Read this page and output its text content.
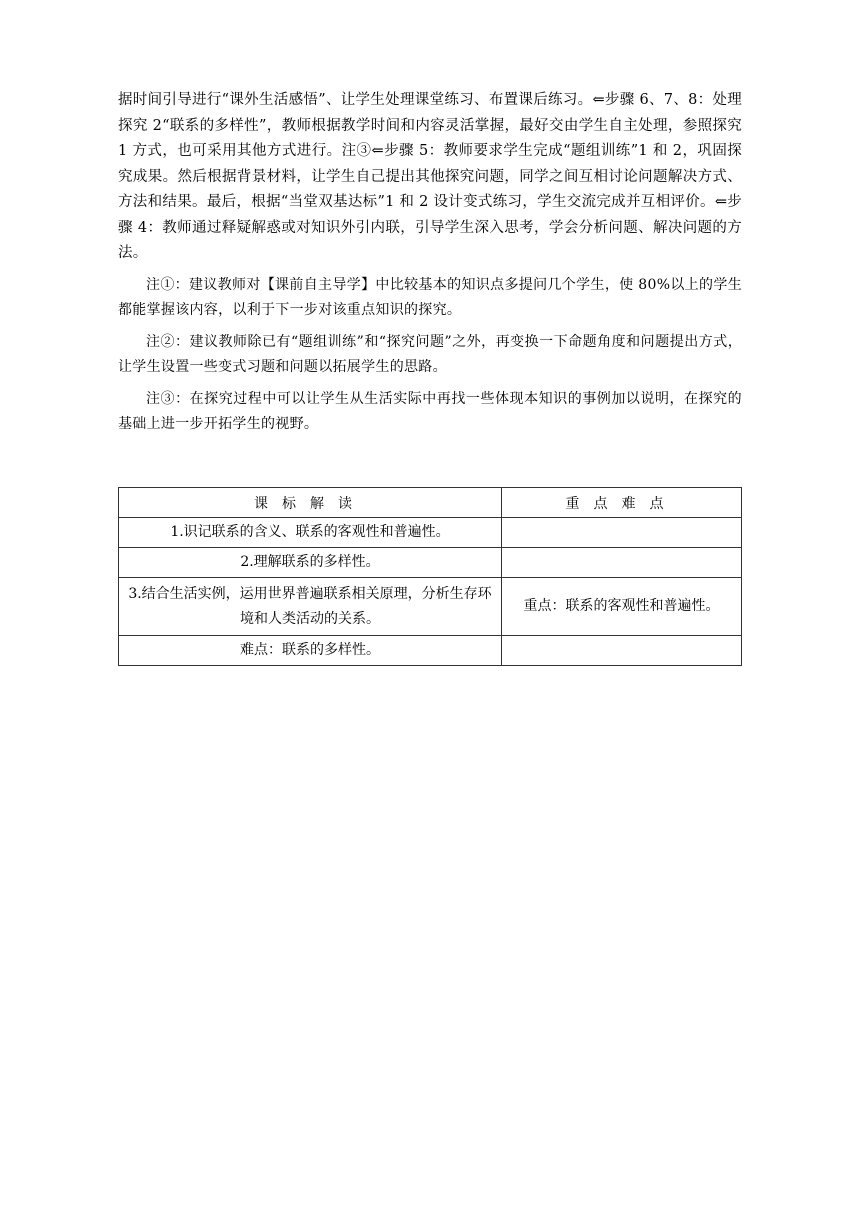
据时间引导进行“课外生活感悟”、让学生处理课堂练习、布置课后练习。⇐步骤 6、7、8：处理探究 2“联系的多样性”，教师根据教学时间和内容灵活掌握，最好交由学生自主处理，参照探究 1 方式，也可采用其他方式进行。注③⇐步骤 5：教师要求学生完成“题组训练”1 和 2，巩固探究成果。然后根据背景材料，让学生自己提出其他探究问题，同学之间互相讨论问题解决方式、方法和结果。最后，根据“当堂双基达标”1 和 2 设计变式练习，学生交流完成并互相评价。⇐步骤 4：教师通过释疑解惑或对知识外引内联，引导学生深入思考，学会分析问题、解决问题的方法。

注①：建议教师对【课前自主导学】中比较基本的知识点多提问几个学生，使 80%以上的学生都能掌握该内容，以利于下一步对该重点知识的探究。

注②：建议教师除已有“题组训练”和“探究问题”之外，再变换一下命题角度和问题提出方式，让学生设置一些变式习题和问题以拓展学生的思路。

注③：在探究过程中可以让学生从生活实际中再找一些体现本知识的事例加以说明，在探究的基础上进一步开拓学生的视野。

课标解读	重点难点
1.识记联系的含义、联系的客观性和普遍性。	
2.理解联系的多样性。	
3.结合生活实例，运用世界普遍联系相关原理，分析生存环境和人类活动的关系。	重点：联系的客观性和普遍性。
难点：联系的多样性。	
